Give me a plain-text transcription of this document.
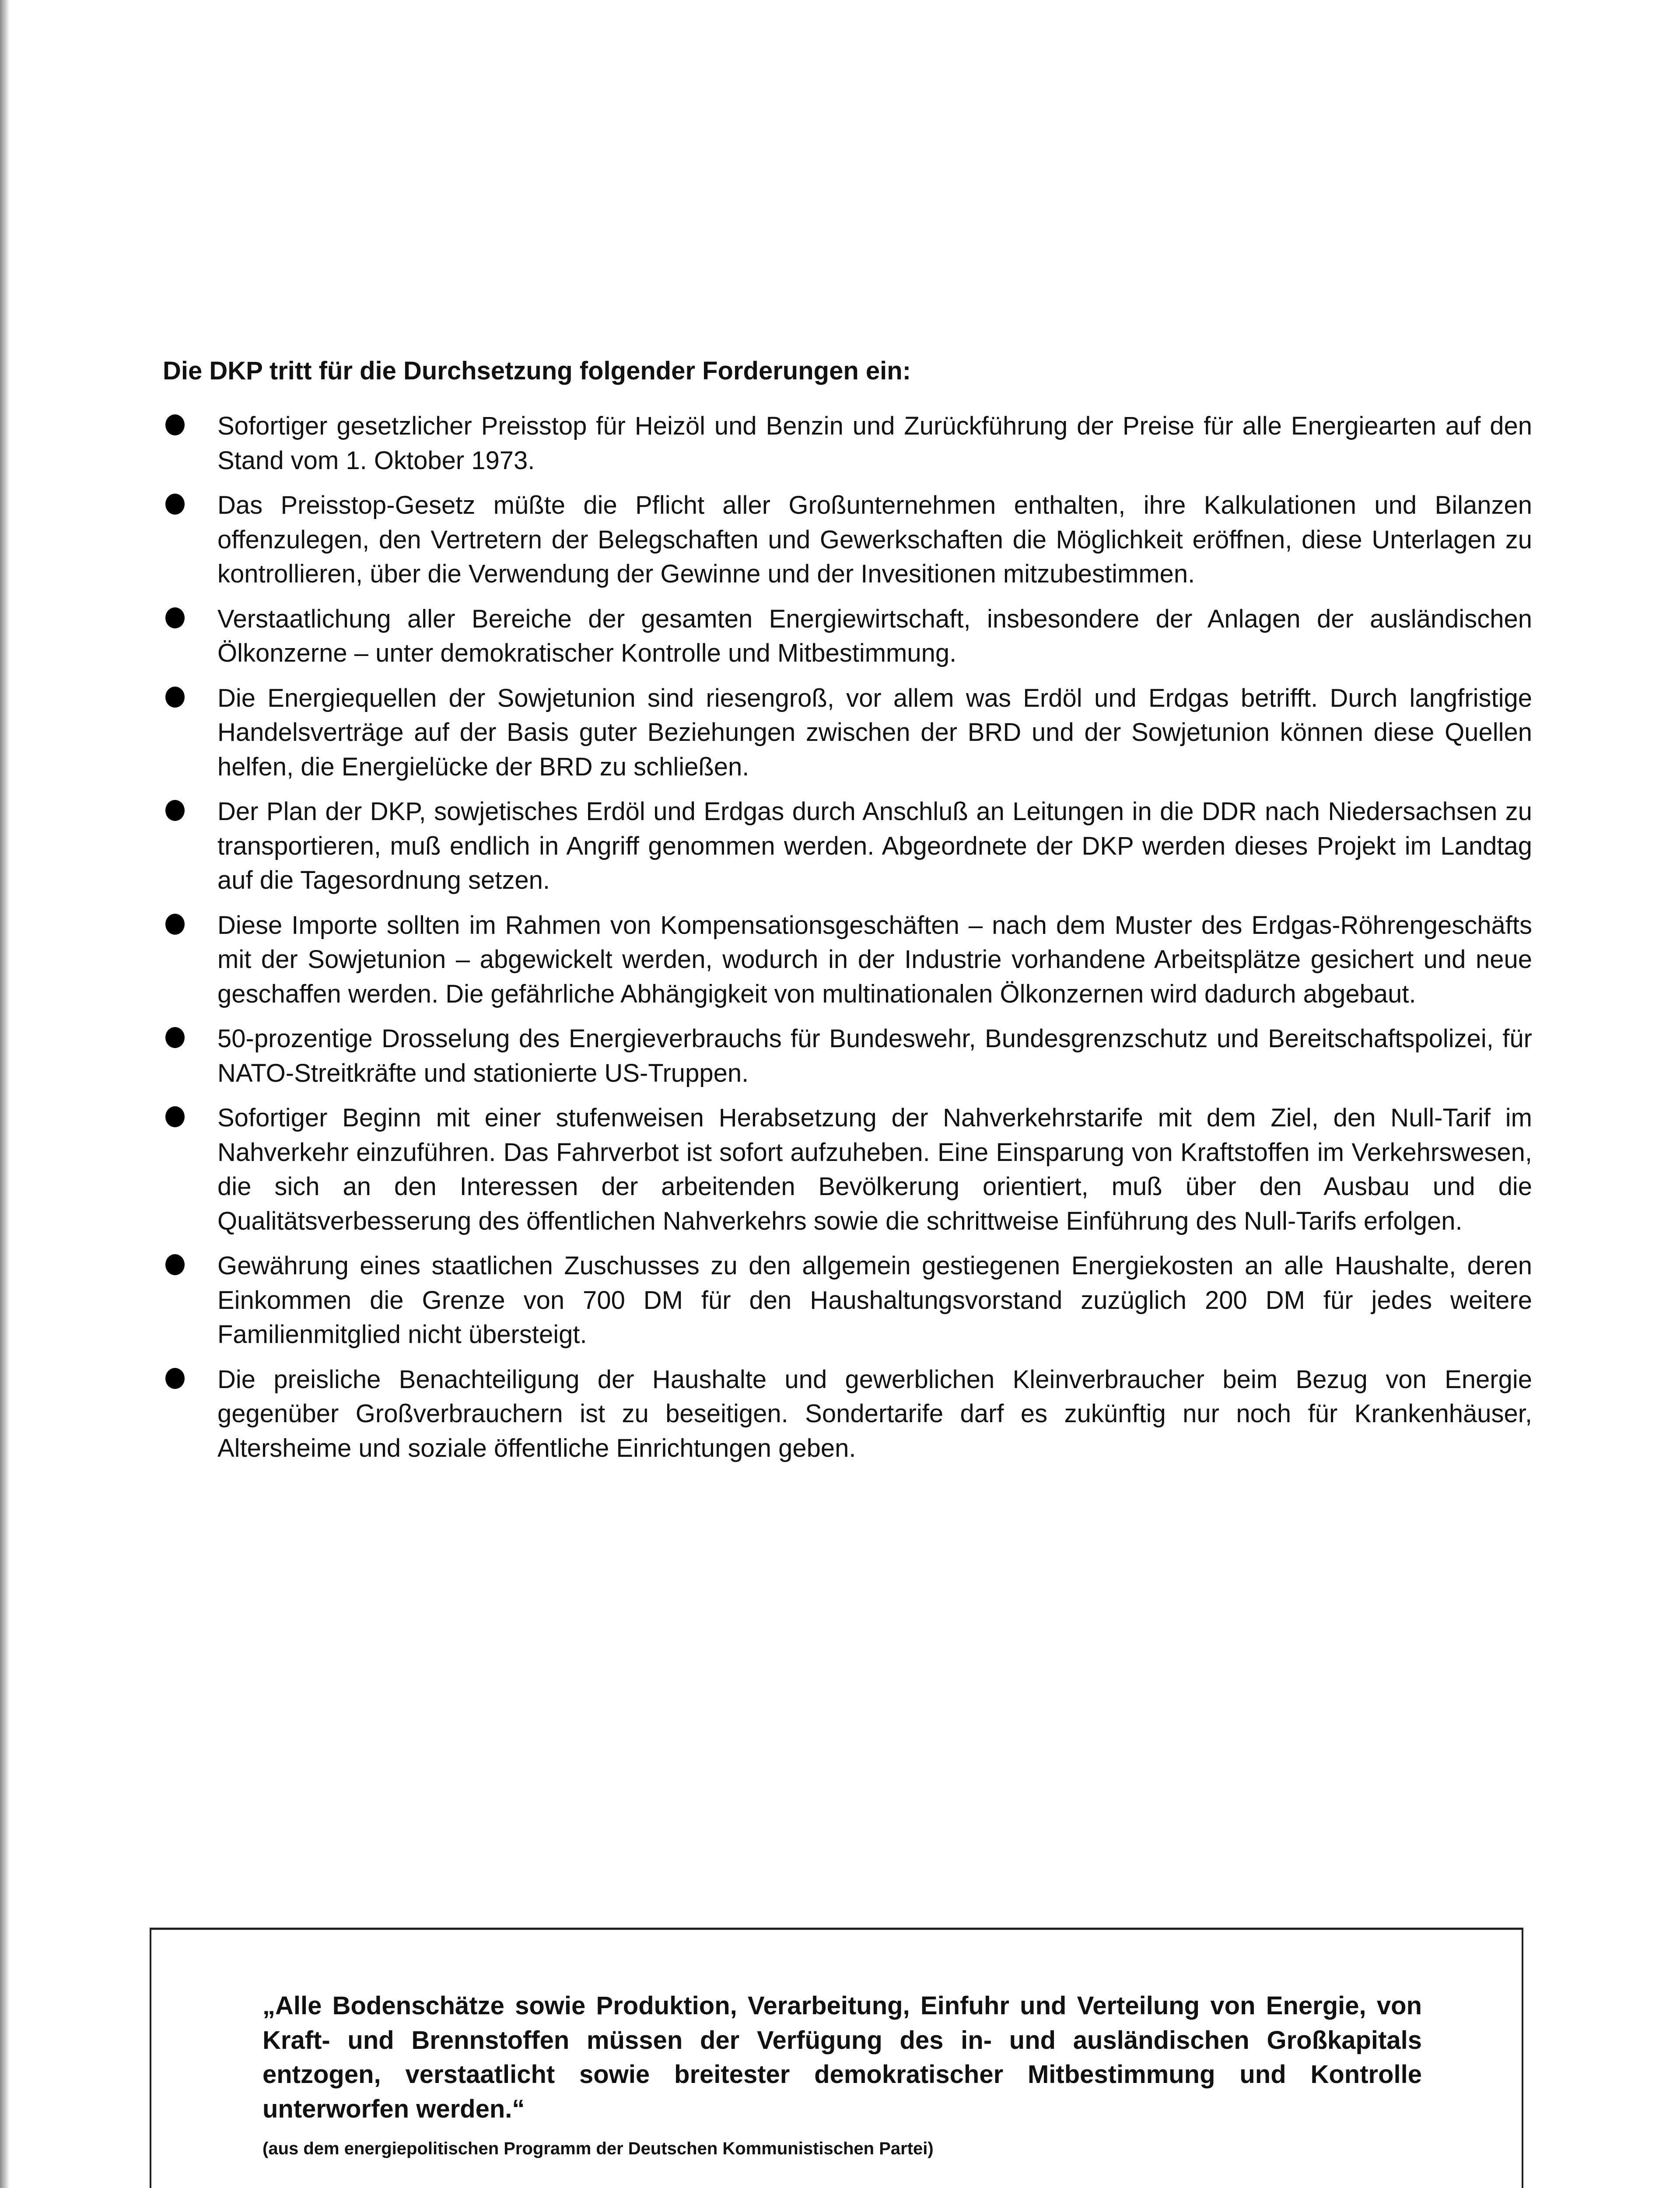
Die DKP tritt für die Durchsetzung folgender Forderungen ein:

Sofortiger gesetzlicher Preisstop für Heizöl und Benzin und Zurückführung der Preise für alle Energiearten auf den Stand vom 1. Oktober 1973.
Das Preisstop-Gesetz müßte die Pflicht aller Großunternehmen enthalten, ihre Kalkulationen und Bilanzen offenzulegen, den Vertretern der Belegschaften und Gewerkschaften die Möglichkeit eröffnen, diese Unterlagen zu kontrollieren, über die Verwendung der Gewinne und der Invesitionen mitzubestimmen.
Verstaatlichung aller Bereiche der gesamten Energiewirtschaft, insbesondere der Anlagen der ausländischen Ölkonzerne – unter demokratischer Kontrolle und Mitbestimmung.
Die Energiequellen der Sowjetunion sind riesengroß, vor allem was Erdöl und Erdgas betrifft. Durch langfristige Handelsverträge auf der Basis guter Beziehungen zwischen der BRD und der Sowjetunion können diese Quellen helfen, die Energielücke der BRD zu schließen.
Der Plan der DKP, sowjetisches Erdöl und Erdgas durch Anschluß an Leitungen in die DDR nach Niedersachsen zu transportieren, muß endlich in Angriff genommen werden. Abgeordnete der DKP werden dieses Projekt im Landtag auf die Tagesordnung setzen.
Diese Importe sollten im Rahmen von Kompensationsgeschäften – nach dem Muster des Erdgas-Röhrengeschäfts mit der Sowjetunion – abgewickelt werden, wodurch in der Industrie vorhandene Arbeitsplätze gesichert und neue geschaffen werden. Die gefährliche Abhängigkeit von multinationalen Ölkonzernen wird dadurch abgebaut.
50-prozentige Drosselung des Energieverbrauchs für Bundeswehr, Bundesgrenzschutz und Bereitschaftspolizei, für NATO-Streitkräfte und stationierte US-Truppen.
Sofortiger Beginn mit einer stufenweisen Herabsetzung der Nahverkehrstarife mit dem Ziel, den Null-Tarif im Nahverkehr einzuführen. Das Fahrverbot ist sofort aufzuheben. Eine Einsparung von Kraftstoffen im Verkehrswesen, die sich an den Interessen der arbeitenden Bevölkerung orientiert, muß über den Ausbau und die Qualitätsverbesserung des öffentlichen Nahverkehrs sowie die schrittweise Einführung des Null-Tarifs erfolgen.
Gewährung eines staatlichen Zuschusses zu den allgemein gestiegenen Energiekosten an alle Haushalte, deren Einkommen die Grenze von 700 DM für den Haushaltungsvorstand zuzüglich 200 DM für jedes weitere Familienmitglied nicht übersteigt.
Die preisliche Benachteiligung der Haushalte und gewerblichen Kleinverbraucher beim Bezug von Energie gegenüber Großverbrauchern ist zu beseitigen. Sondertarife darf es zukünftig nur noch für Krankenhäuser, Altersheime und soziale öffentliche Einrichtungen geben.

„Alle Bodenschätze sowie Produktion, Verarbeitung, Einfuhr und Verteilung von Energie, von Kraft- und Brennstoffen müssen der Verfügung des in- und ausländischen Großkapitals entzogen, verstaatlicht sowie breitester demokratischer Mitbestimmung und Kontrolle unterworfen werden.“

(aus dem energiepolitischen Programm der Deutschen Kommunistischen Partei)
